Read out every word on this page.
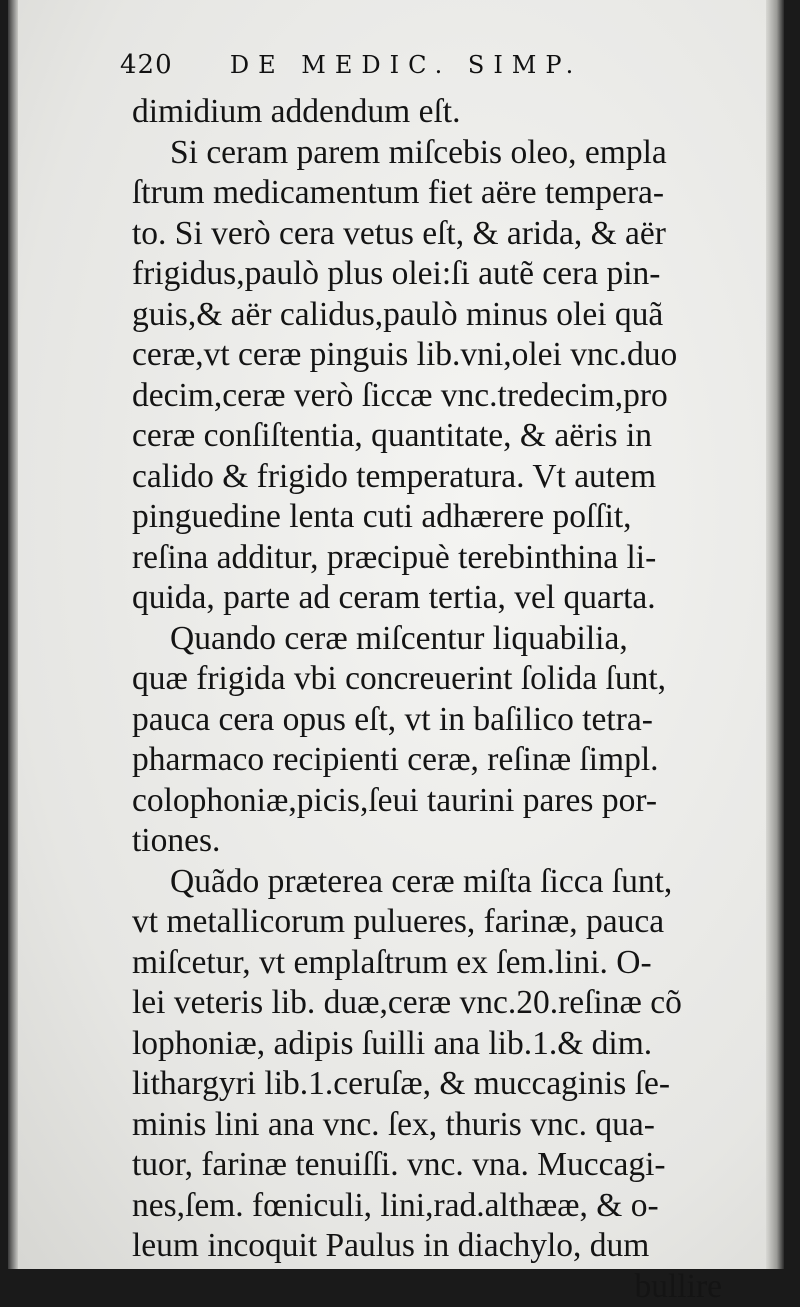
420 DE MEDIC. SIMP.
dimidium addendum eſt.
Si ceram parem miſcebis oleo, empla
ſtrum medicamentum fiet aëre tempera-
to. Si verò cera vetus eſt, & arida, & aër
frigidus,paulò plus olei:ſi autẽ cera pin-
guis,& aër calidus,paulò minus olei quã
ceræ,vt ceræ pinguis lib.vni,olei vnc.duo
decim,ceræ verò ſiccæ vnc.tredecim,pro
ceræ conſiſtentia, quantitate, & aëris in
calido & frigido temperatura. Vt autem
pinguedine lenta cuti adhærere poſſit,
reſina additur, præcipuè terebinthina li-
quida, parte ad ceram tertia, vel quarta.
Quando ceræ miſcentur liquabilia,
quæ frigida vbi concreuerint ſolida ſunt,
pauca cera opus eſt, vt in baſilico tetra-
pharmaco recipienti ceræ, reſinæ ſimpl.
colophoniæ,picis,ſeui taurini pares por-
tiones.
Quãdo præterea ceræ miſta ſicca ſunt,
vt metallicorum pulueres, farinæ, pauca
miſcetur, vt emplaſtrum ex ſem.lini. O-
lei veteris lib. duæ,ceræ vnc.20.reſinæ cõ
lophoniæ, adipis ſuilli ana lib.1.& dim.
lithargyri lib.1.ceruſæ, & muccaginis ſe-
minis lini ana vnc. ſex, thuris vnc. qua-
tuor, farinæ tenuiſſi. vnc. vna. Muccagi-
nes,ſem. fœniculi, lini,rad.althææ, & o-
leum incoquit Paulus in diachylo, dum
bullire
